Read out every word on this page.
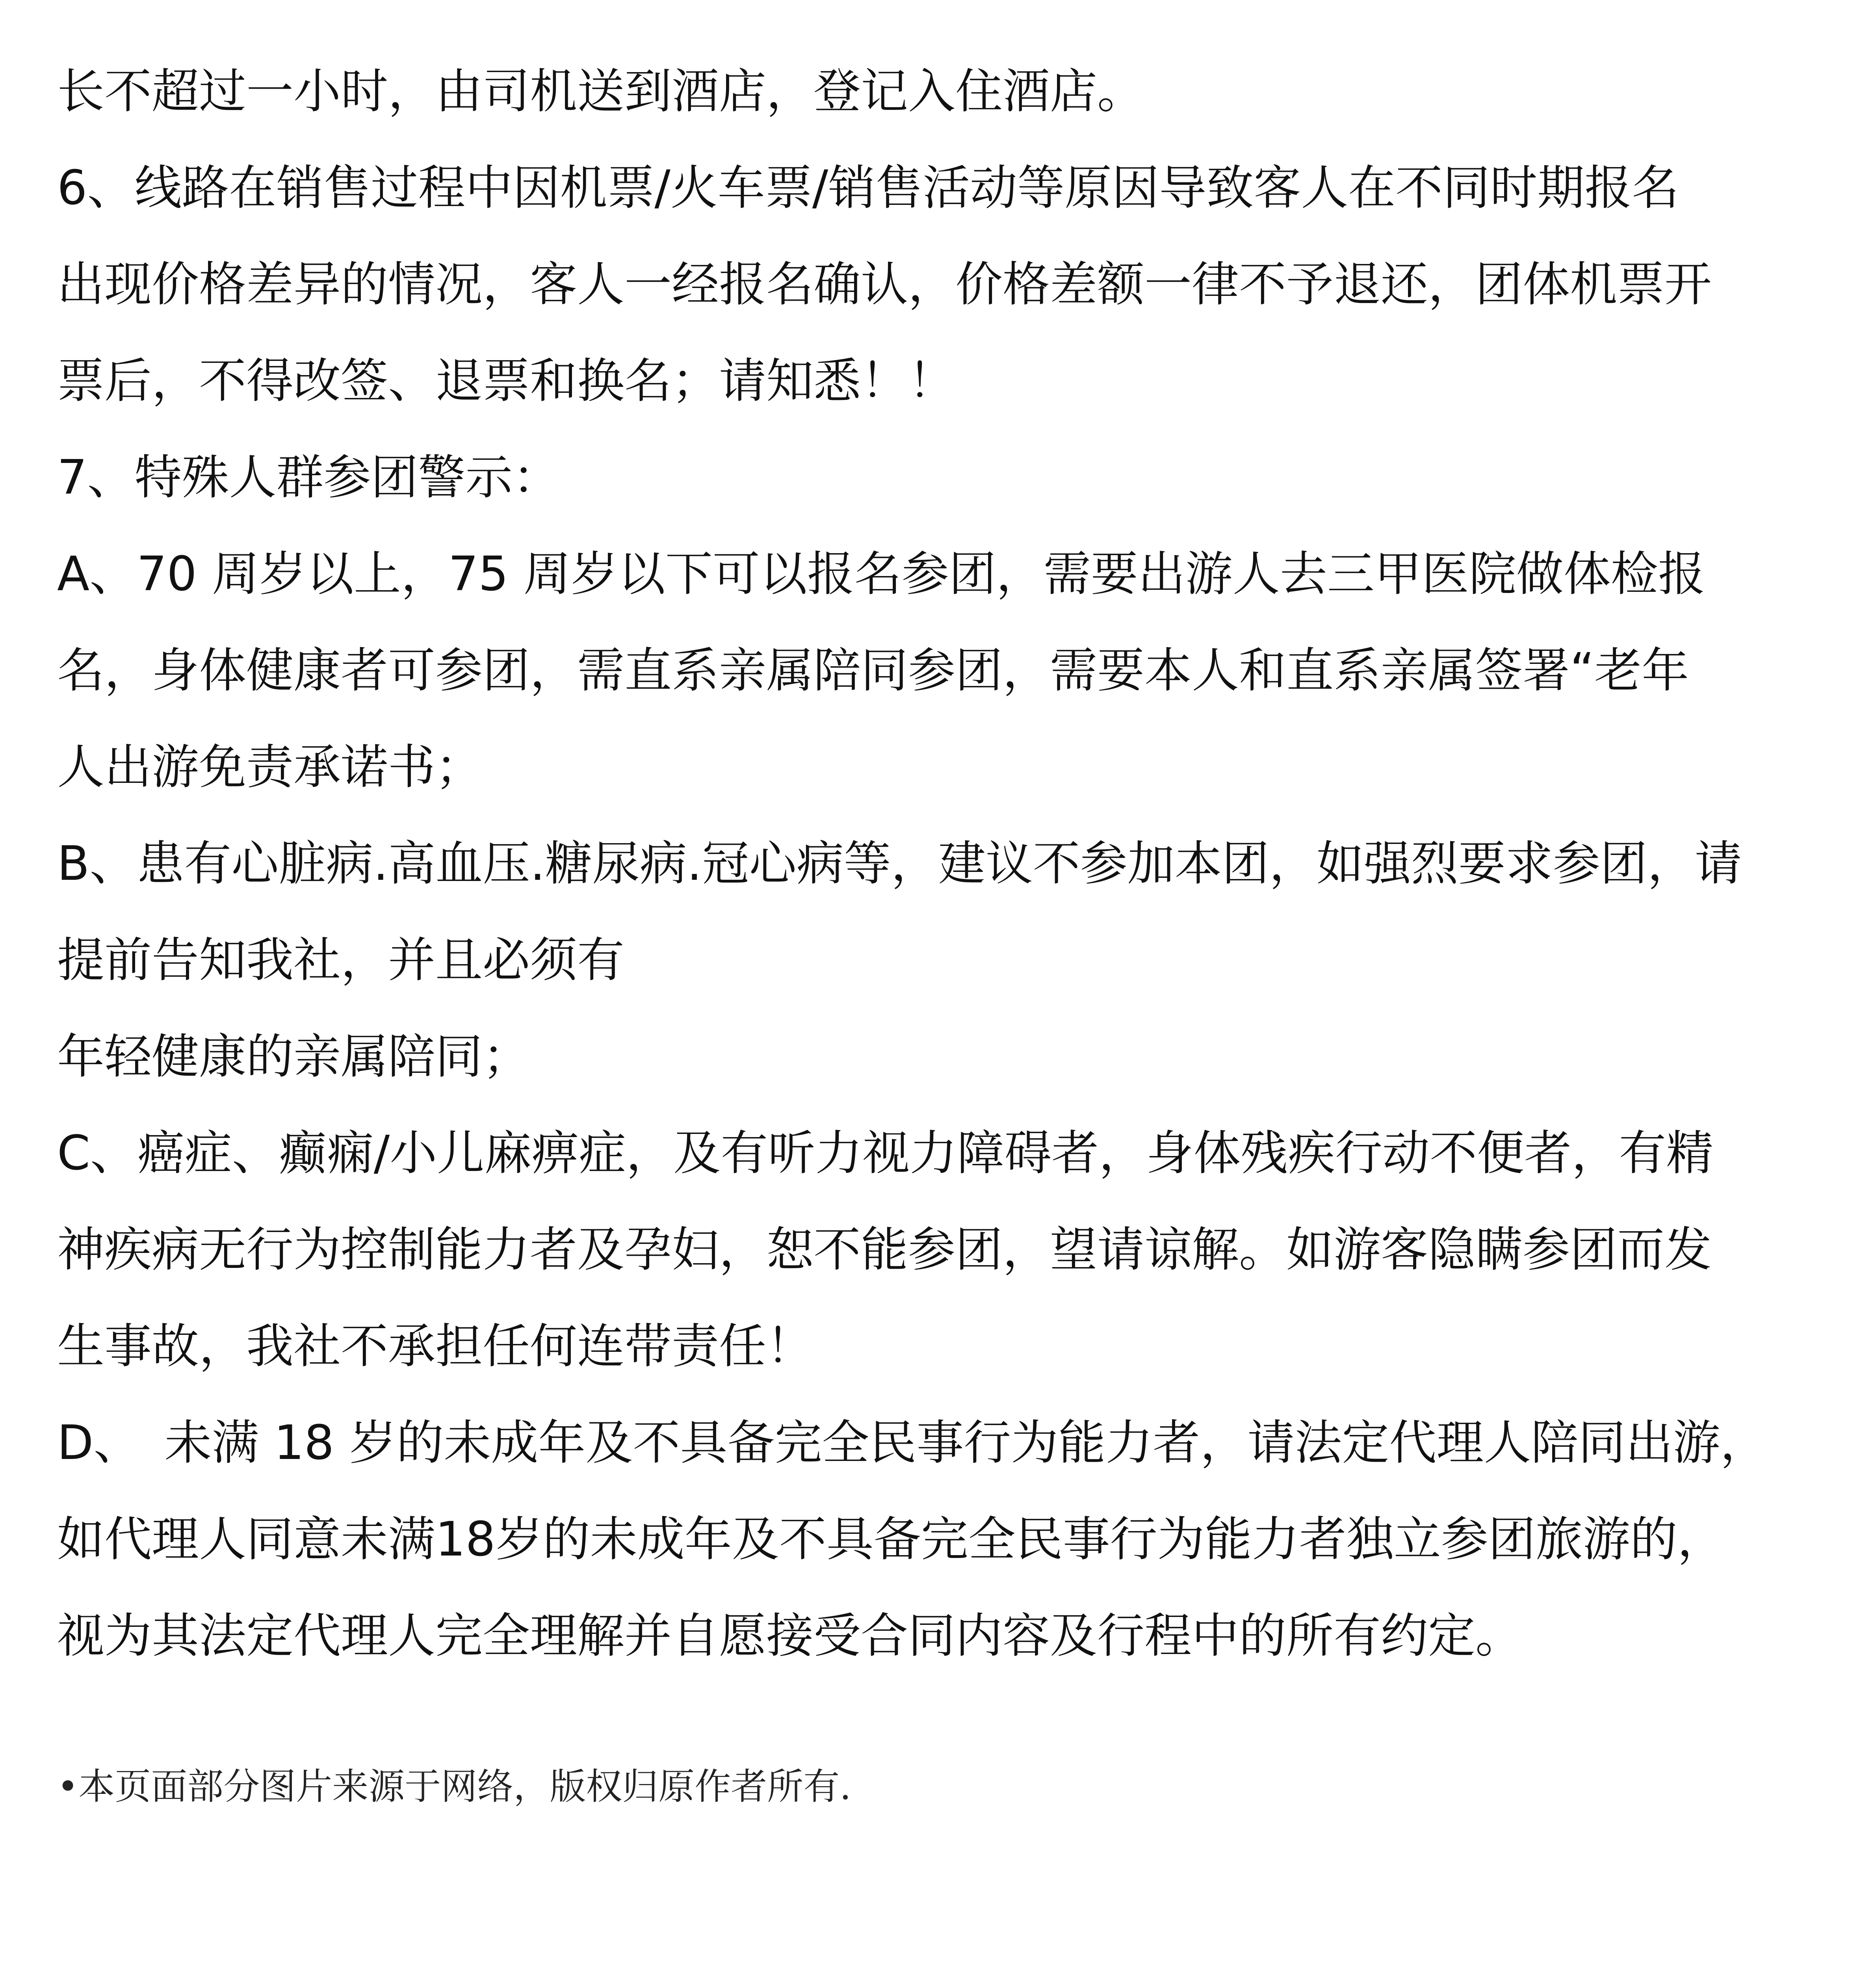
长不超过一小时，由司机送到酒店，登记入住酒店。
6、线路在销售过程中因机票/火车票/销售活动等原因导致客人在不同时期报名
出现价格差异的情况，客人一经报名确认，价格差额一律不予退还，团体机票开
票后，不得改签、退票和换名；请知悉！！
7、特殊人群参团警示：
A、70 周岁以上，75 周岁以下可以报名参团，需要出游人去三甲医院做体检报
名，身体健康者可参团，需直系亲属陪同参团，需要本人和直系亲属签署“老年
人出游免责承诺书；
B、患有心脏病.高血压.糖尿病.冠心病等，建议不参加本团，如强烈要求参团，请
提前告知我社，并且必须有
年轻健康的亲属陪同；
C、癌症、癫痫/小儿麻痹症，及有听力视力障碍者，身体残疾行动不便者，有精
神疾病无行为控制能力者及孕妇，恕不能参团，望请谅解。如游客隐瞒参团而发
生事故，我社不承担任何连带责任！
D、　未满 18 岁的未成年及不具备完全民事行为能力者，请法定代理人陪同出游，
如代理人同意未满18岁的未成年及不具备完全民事行为能力者独立参团旅游的，
视为其法定代理人完全理解并自愿接受合同内容及行程中的所有约定。
•本页面部分图片来源于网络，版权归原作者所有.
